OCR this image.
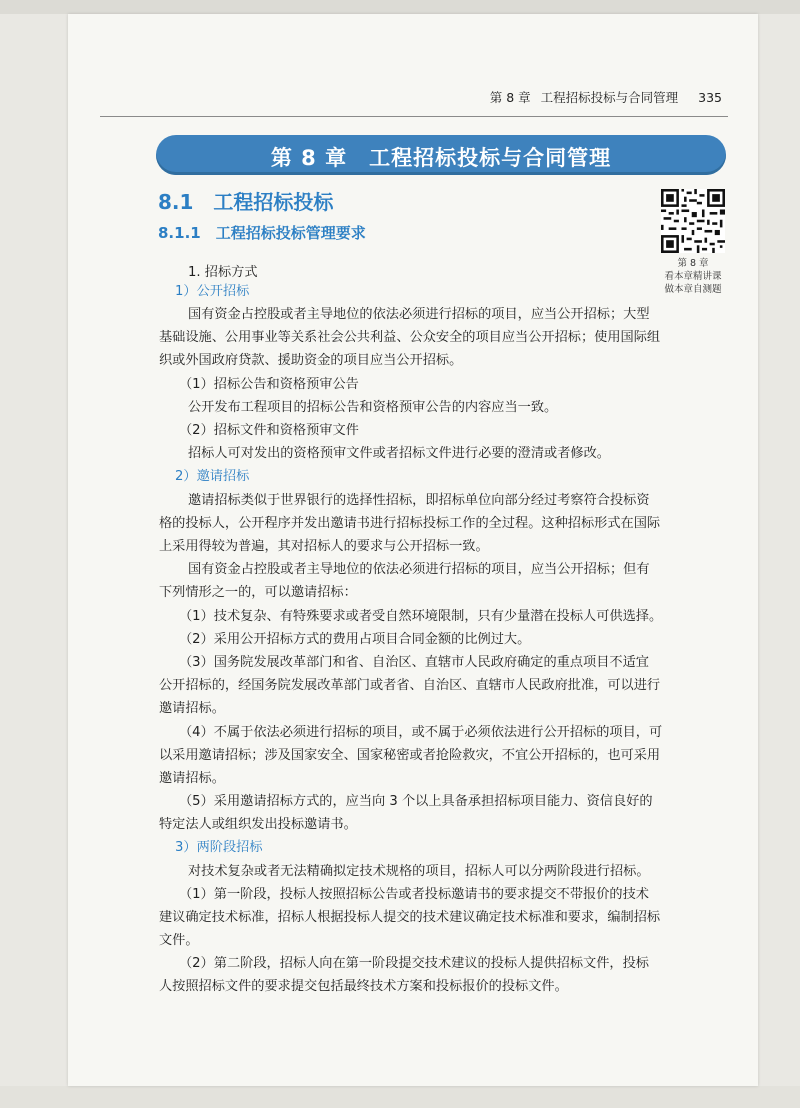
第 8 章 工程招标投标与合同管理 335
第 8 章　工程招标投标与合同管理
8.1　工程招标投标
8.1.1　工程招标投标管理要求
第 8 章
看本章精讲课
做本章自测题
1. 招标方式
1）公开招标
国有资金占控股或者主导地位的依法必须进行招标的项目，应当公开招标；大型
基础设施、公用事业等关系社会公共利益、公众安全的项目应当公开招标；使用国际组
织或外国政府贷款、援助资金的项目应当公开招标。
（1）招标公告和资格预审公告
公开发布工程项目的招标公告和资格预审公告的内容应当一致。
（2）招标文件和资格预审文件
招标人可对发出的资格预审文件或者招标文件进行必要的澄清或者修改。
2）邀请招标
邀请招标类似于世界银行的选择性招标，即招标单位向部分经过考察符合投标资
格的投标人，公开程序并发出邀请书进行招标投标工作的全过程。这种招标形式在国际
上采用得较为普遍，其对招标人的要求与公开招标一致。
国有资金占控股或者主导地位的依法必须进行招标的项目，应当公开招标；但有
下列情形之一的，可以邀请招标：
（1）技术复杂、有特殊要求或者受自然环境限制，只有少量潜在投标人可供选择。
（2）采用公开招标方式的费用占项目合同金额的比例过大。
（3）国务院发展改革部门和省、自治区、直辖市人民政府确定的重点项目不适宜
公开招标的，经国务院发展改革部门或者省、自治区、直辖市人民政府批准，可以进行
邀请招标。
（4）不属于依法必须进行招标的项目，或不属于必须依法进行公开招标的项目，可
以采用邀请招标；涉及国家安全、国家秘密或者抢险救灾，不宜公开招标的，也可采用
邀请招标。
（5）采用邀请招标方式的，应当向 3 个以上具备承担招标项目能力、资信良好的
特定法人或组织发出投标邀请书。
3）两阶段招标
对技术复杂或者无法精确拟定技术规格的项目，招标人可以分两阶段进行招标。
（1）第一阶段，投标人按照招标公告或者投标邀请书的要求提交不带报价的技术
建议确定技术标准，招标人根据投标人提交的技术建议确定技术标准和要求，编制招标
文件。
（2）第二阶段，招标人向在第一阶段提交技术建议的投标人提供招标文件，投标
人按照招标文件的要求提交包括最终技术方案和投标报价的投标文件。
